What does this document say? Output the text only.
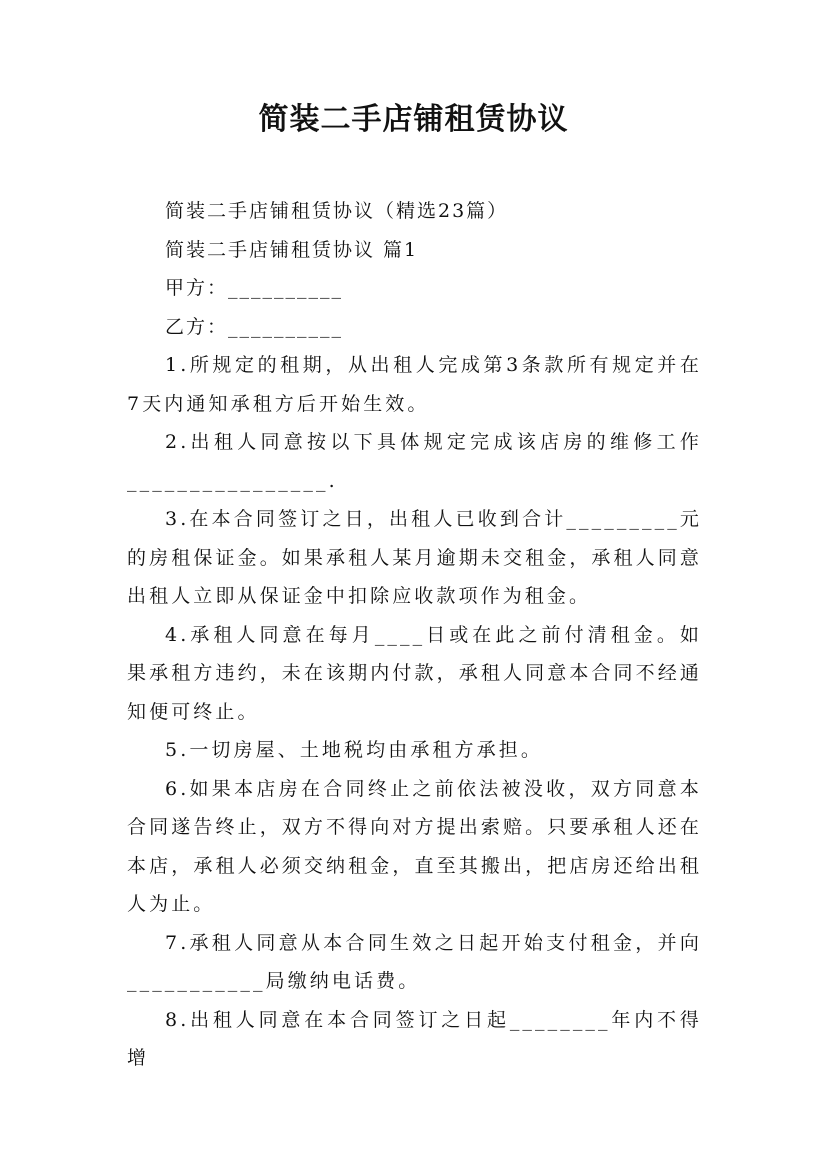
简装二手店铺租赁协议

简装二手店铺租赁协议（精选23篇）

简装二手店铺租赁协议 篇1

甲方：__________

乙方：__________

1.所规定的租期，从出租人完成第3条款所有规定并在7天内通知承租方后开始生效。

2.出租人同意按以下具体规定完成该店房的维修工作________________.

3.在本合同签订之日，出租人已收到合计_________元的房租保证金。如果承租人某月逾期未交租金，承租人同意出租人立即从保证金中扣除应收款项作为租金。

4.承租人同意在每月____日或在此之前付清租金。如果承租方违约，未在该期内付款，承租人同意本合同不经通知便可终止。

5.一切房屋、土地税均由承租方承担。

6.如果本店房在合同终止之前依法被没收，双方同意本合同遂告终止，双方不得向对方提出索赔。只要承租人还在本店，承租人必须交纳租金，直至其搬出，把店房还给出租人为止。

7.承租人同意从本合同生效之日起开始支付租金，并向___________局缴纳电话费。

8.出租人同意在本合同签订之日起________年内不得增
